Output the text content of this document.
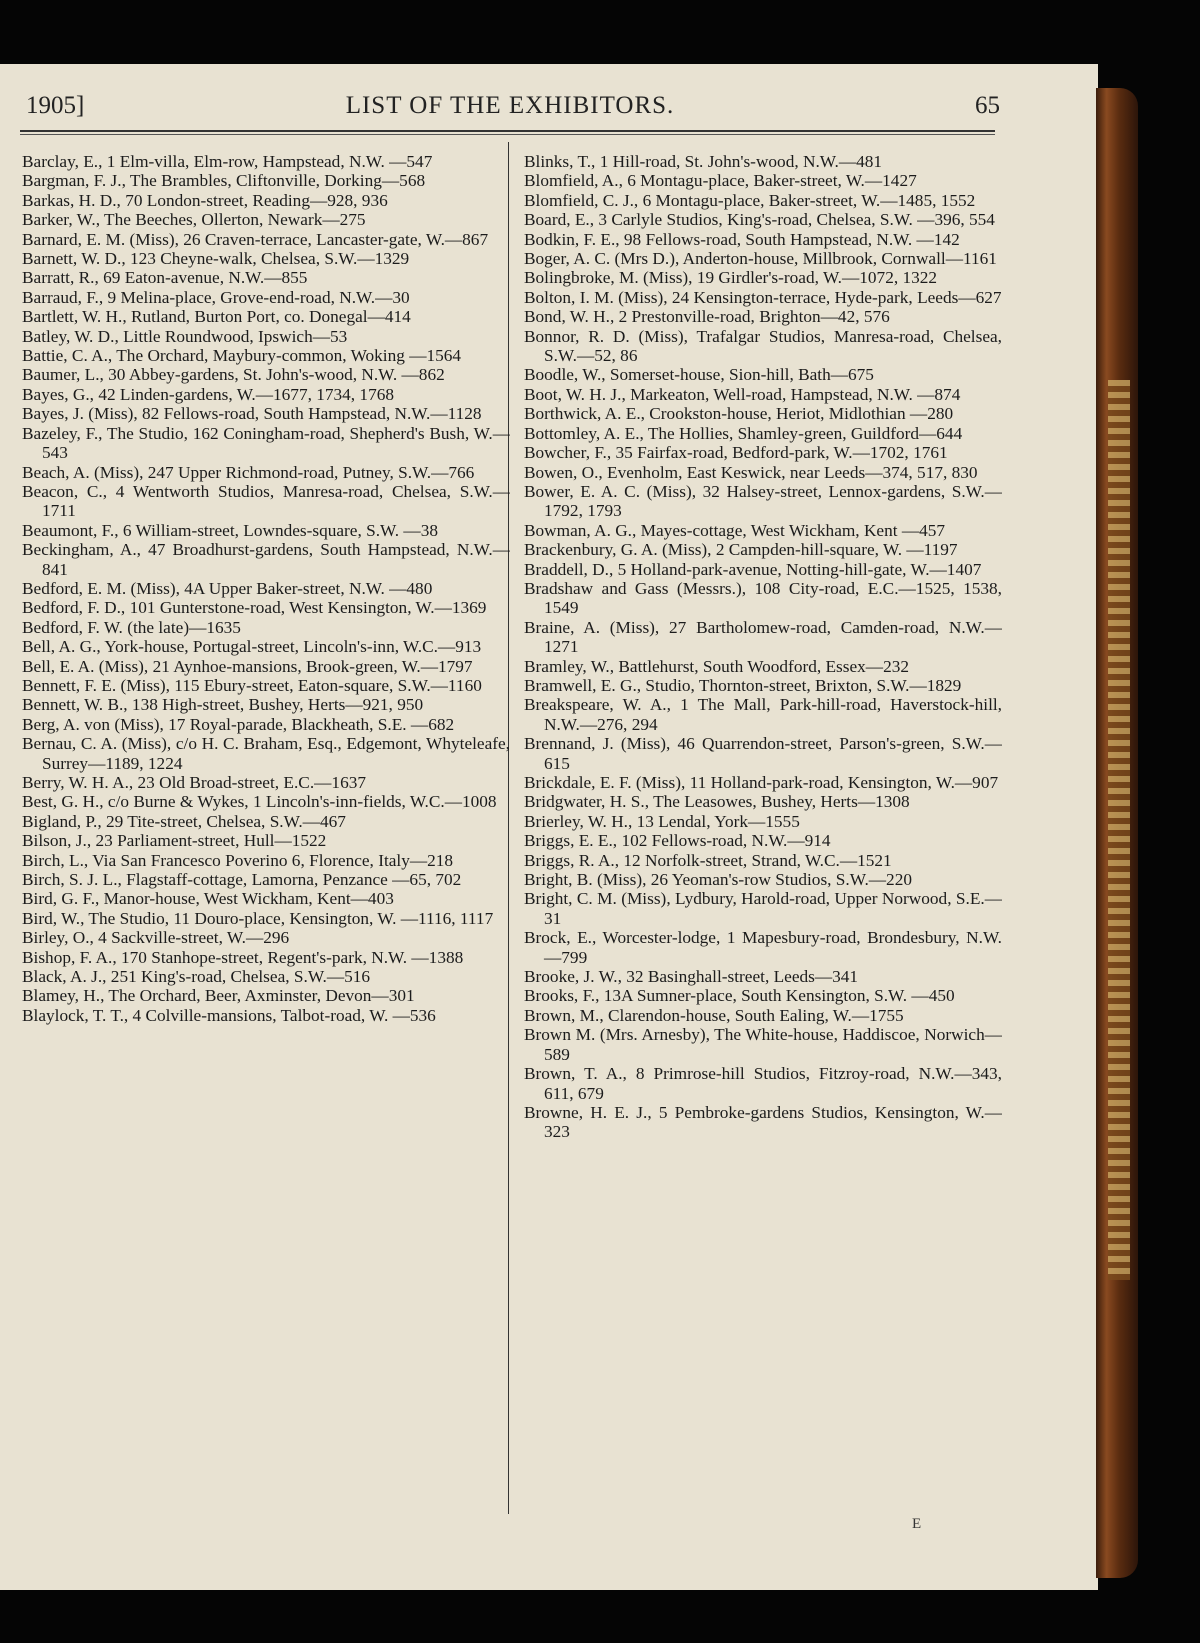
1905]	LIST OF THE EXHIBITORS.	65

Barclay, E., 1 Elm-villa, Elm-row, Hampstead, N.W. —547

Bargman, F. J., The Brambles, Cliftonville, Dorking—568

Barkas, H. D., 70 London-street, Reading—928, 936

Barker, W., The Beeches, Ollerton, Newark—275

Barnard, E. M. (Miss), 26 Craven-terrace, Lancaster-gate, W.—867

Barnett, W. D., 123 Cheyne-walk, Chelsea, S.W.—1329

Barratt, R., 69 Eaton-avenue, N.W.—855

Barraud, F., 9 Melina-place, Grove-end-road, N.W.—30

Bartlett, W. H., Rutland, Burton Port, co. Donegal—414

Batley, W. D., Little Roundwood, Ipswich—53

Battie, C. A., The Orchard, Maybury-common, Woking —1564

Baumer, L., 30 Abbey-gardens, St. John's-wood, N.W. —862

Bayes, G., 42 Linden-gardens, W.—1677, 1734, 1768

Bayes, J. (Miss), 82 Fellows-road, South Hampstead, N.W.—1128

Bazeley, F., The Studio, 162 Coningham-road, Shepherd's Bush, W.—543

Beach, A. (Miss), 247 Upper Richmond-road, Putney, S.W.—766

Beacon, C., 4 Wentworth Studios, Manresa-road, Chelsea, S.W.—1711

Beaumont, F., 6 William-street, Lowndes-square, S.W. —38

Beckingham, A., 47 Broadhurst-gardens, South Hampstead, N.W.—841

Bedford, E. M. (Miss), 4A Upper Baker-street, N.W. —480

Bedford, F. D., 101 Gunterstone-road, West Kensington, W.—1369

Bedford, F. W. (the late)—1635

Bell, A. G., York-house, Portugal-street, Lincoln's-inn, W.C.—913

Bell, E. A. (Miss), 21 Aynhoe-mansions, Brook-green, W.—1797

Bennett, F. E. (Miss), 115 Ebury-street, Eaton-square, S.W.—1160

Bennett, W. B., 138 High-street, Bushey, Herts—921, 950

Berg, A. von (Miss), 17 Royal-parade, Blackheath, S.E. —682

Bernau, C. A. (Miss), c/o H. C. Braham, Esq., Edgemont, Whyteleafe, Surrey—1189, 1224

Berry, W. H. A., 23 Old Broad-street, E.C.—1637

Best, G. H., c/o Burne & Wykes, 1 Lincoln's-inn-fields, W.C.—1008

Bigland, P., 29 Tite-street, Chelsea, S.W.—467

Bilson, J., 23 Parliament-street, Hull—1522

Birch, L., Via San Francesco Poverino 6, Florence, Italy—218

Birch, S. J. L., Flagstaff-cottage, Lamorna, Penzance —65, 702

Bird, G. F., Manor-house, West Wickham, Kent—403

Bird, W., The Studio, 11 Douro-place, Kensington, W. —1116, 1117

Birley, O., 4 Sackville-street, W.—296

Bishop, F. A., 170 Stanhope-street, Regent's-park, N.W. —1388

Black, A. J., 251 King's-road, Chelsea, S.W.—516

Blamey, H., The Orchard, Beer, Axminster, Devon—301

Blaylock, T. T., 4 Colville-mansions, Talbot-road, W. —536

Blinks, T., 1 Hill-road, St. John's-wood, N.W.—481

Blomfield, A., 6 Montagu-place, Baker-street, W.—1427

Blomfield, C. J., 6 Montagu-place, Baker-street, W.—1485, 1552

Board, E., 3 Carlyle Studios, King's-road, Chelsea, S.W. —396, 554

Bodkin, F. E., 98 Fellows-road, South Hampstead, N.W. —142

Boger, A. C. (Mrs D.), Anderton-house, Millbrook, Cornwall—1161

Bolingbroke, M. (Miss), 19 Girdler's-road, W.—1072, 1322

Bolton, I. M. (Miss), 24 Kensington-terrace, Hyde-park, Leeds—627

Bond, W. H., 2 Prestonville-road, Brighton—42, 576

Bonnor, R. D. (Miss), Trafalgar Studios, Manresa-road, Chelsea, S.W.—52, 86

Boodle, W., Somerset-house, Sion-hill, Bath—675

Boot, W. H. J., Markeaton, Well-road, Hampstead, N.W. —874

Borthwick, A. E., Crookston-house, Heriot, Midlothian —280

Bottomley, A. E., The Hollies, Shamley-green, Guildford—644

Bowcher, F., 35 Fairfax-road, Bedford-park, W.—1702, 1761

Bowen, O., Evenholm, East Keswick, near Leeds—374, 517, 830

Bower, E. A. C. (Miss), 32 Halsey-street, Lennox-gardens, S.W.—1792, 1793

Bowman, A. G., Mayes-cottage, West Wickham, Kent —457

Brackenbury, G. A. (Miss), 2 Campden-hill-square, W. —1197

Braddell, D., 5 Holland-park-avenue, Notting-hill-gate, W.—1407

Bradshaw and Gass (Messrs.), 108 City-road, E.C.—1525, 1538, 1549

Braine, A. (Miss), 27 Bartholomew-road, Camden-road, N.W.—1271

Bramley, W., Battlehurst, South Woodford, Essex—232

Bramwell, E. G., Studio, Thornton-street, Brixton, S.W.—1829

Breakspeare, W. A., 1 The Mall, Park-hill-road, Haverstock-hill, N.W.—276, 294

Brennand, J. (Miss), 46 Quarrendon-street, Parson's-green, S.W.—615

Brickdale, E. F. (Miss), 11 Holland-park-road, Kensington, W.—907

Bridgwater, H. S., The Leasowes, Bushey, Herts—1308

Brierley, W. H., 13 Lendal, York—1555

Briggs, E. E., 102 Fellows-road, N.W.—914

Briggs, R. A., 12 Norfolk-street, Strand, W.C.—1521

Bright, B. (Miss), 26 Yeoman's-row Studios, S.W.—220

Bright, C. M. (Miss), Lydbury, Harold-road, Upper Norwood, S.E.—31

Brock, E., Worcester-lodge, 1 Mapesbury-road, Brondesbury, N.W.—799

Brooke, J. W., 32 Basinghall-street, Leeds—341

Brooks, F., 13A Sumner-place, South Kensington, S.W. —450

Brown, M., Clarendon-house, South Ealing, W.—1755

Brown M. (Mrs. Arnesby), The White-house, Haddiscoe, Norwich—589

Brown, T. A., 8 Primrose-hill Studios, Fitzroy-road, N.W.—343, 611, 679

Browne, H. E. J., 5 Pembroke-gardens Studios, Kensington, W.—323

E
